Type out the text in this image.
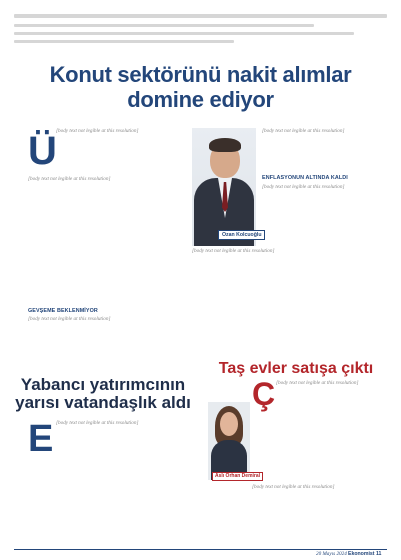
Konut sektörünü nakit alımlar domine ediyor
Ü [body text not legible at this resolution]

[body text not legible at this resolution]

GEVŞEME BEKLENMİYOR

[body text not legible at this resolution]

Ozan Kolcuoğlu

[body text not legible at this resolution]

ENFLASYONUN ALTINDA KALDI

[body text not legible at this resolution]

[body text not legible at this resolution]

Yabancı yatırımcının yarısı vatandaşlık aldı
E [body text not legible at this resolution]

Taş evler satışa çıktı
Ç
Aslı Orhan Demiral

[body text not legible at this resolution]

[body text not legible at this resolution]

20 Mayıs 2024 Ekonomist 11
